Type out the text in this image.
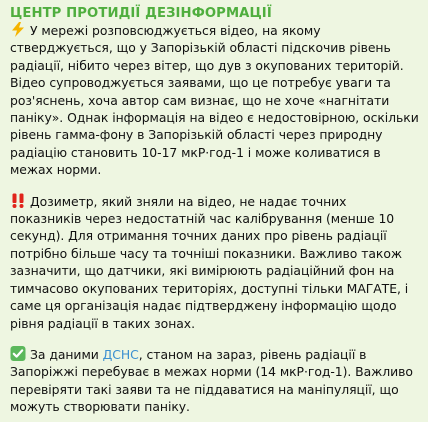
ЦЕНТР ПРОТИДІЇ ДЕЗІНФОРМАЦІЇ

У мережі розповсюджується відео, на якому стверджується, що у Запорізькій області підскочив рівень радіації, нібито через вітер, що дув з окупованих територій. Відео супроводжується заявами, що це потребує уваги та роз'яснень, хоча автор сам визнає, що не хоче «нагнітати паніку». Однак інформація на відео є недостовірною, оскільки рівень гамма-фону в Запорізькій області через природну радіацію становить 10-17 мкР·год-1 і може коливатися в межах норми.

Дозиметр, який зняли на відео, не надає точних показників через недостатній час калібрування (менше 10 секунд). Для отримання точних даних про рівень радіації потрібно більше часу та точніші показники. Важливо також зазначити, що датчики, які вимірюють радіаційний фон на тимчасово окупованих територіях, доступні тільки МАГАТЕ, і саме ця організація надає підтверджену інформацію щодо рівня радіації в таких зонах.

За даними ДСНС, станом на зараз, рівень радіації в Запоріжжі перебуває в межах норми (14 мкР·год-1). Важливо перевіряти такі заяви та не піддаватися на маніпуляції, що можуть створювати паніку.
